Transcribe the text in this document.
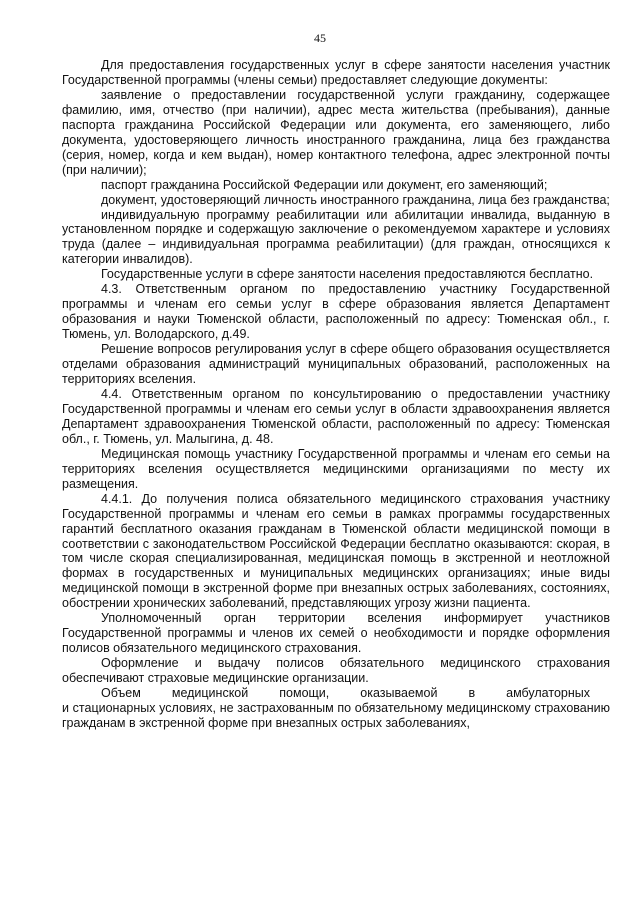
45

Для предоставления государственных услуг в сфере занятости населения участник Государственной программы (члены семьи) предоставляет следующие документы:

заявление о предоставлении государственной услуги гражданину, содержащее фамилию, имя, отчество (при наличии), адрес места жительства (пребывания), данные паспорта гражданина Российской Федерации или документа, его заменяющего, либо документа, удостоверяющего личность иностранного гражданина, лица без гражданства (серия, номер, когда и кем выдан), номер контактного телефона, адрес электронной почты (при наличии);

паспорт гражданина Российской Федерации или документ, его заменяющий;

документ, удостоверяющий личность иностранного гражданина, лица без гражданства;

индивидуальную программу реабилитации или абилитации инвалида, выданную в установленном порядке и содержащую заключение о рекомендуемом характере и условиях труда (далее – индивидуальная программа реабилитации) (для граждан, относящихся к категории инвалидов).

Государственные услуги в сфере занятости населения предоставляются бесплатно.

4.3. Ответственным органом по предоставлению участнику Государственной программы и членам его семьи услуг в сфере образования является Департамент образования и науки Тюменской области, расположенный по адресу: Тюменская обл., г. Тюмень, ул. Володарского, д.49.

Решение вопросов регулирования услуг в сфере общего образования осуществляется отделами образования администраций муниципальных образований, расположенных на территориях вселения.

4.4. Ответственным органом по консультированию о предоставлении участнику Государственной программы и членам его семьи услуг в области здравоохранения является Департамент здравоохранения Тюменской области, расположенный по адресу: Тюменская обл., г. Тюмень, ул. Малыгина, д. 48.

Медицинская помощь участнику Государственной программы и членам его семьи на территориях вселения осуществляется медицинскими организациями по месту их размещения.

4.4.1. До получения полиса обязательного медицинского страхования участнику Государственной программы и членам его семьи в рамках программы государственных гарантий бесплатного оказания гражданам в Тюменской области медицинской помощи в соответствии с законодательством Российской Федерации бесплатно оказываются: скорая, в том числе скорая специализированная, медицинская помощь в экстренной и неотложной формах в государственных и муниципальных медицинских организациях; иные виды медицинской помощи в экстренной форме при внезапных острых заболеваниях, состояниях, обострении хронических заболеваний, представляющих угрозу жизни пациента.

Уполномоченный орган территории вселения информирует участников Государственной программы и членов их семей о необходимости и порядке оформления полисов обязательного медицинского страхования.

Оформление и выдачу полисов обязательного медицинского страхования обеспечивают страховые медицинские организации.

Объем медицинской помощи, оказываемой в амбулаторных

и стационарных условиях, не застрахованным по обязательному медицинскому страхованию гражданам в экстренной форме при внезапных острых заболеваниях,
